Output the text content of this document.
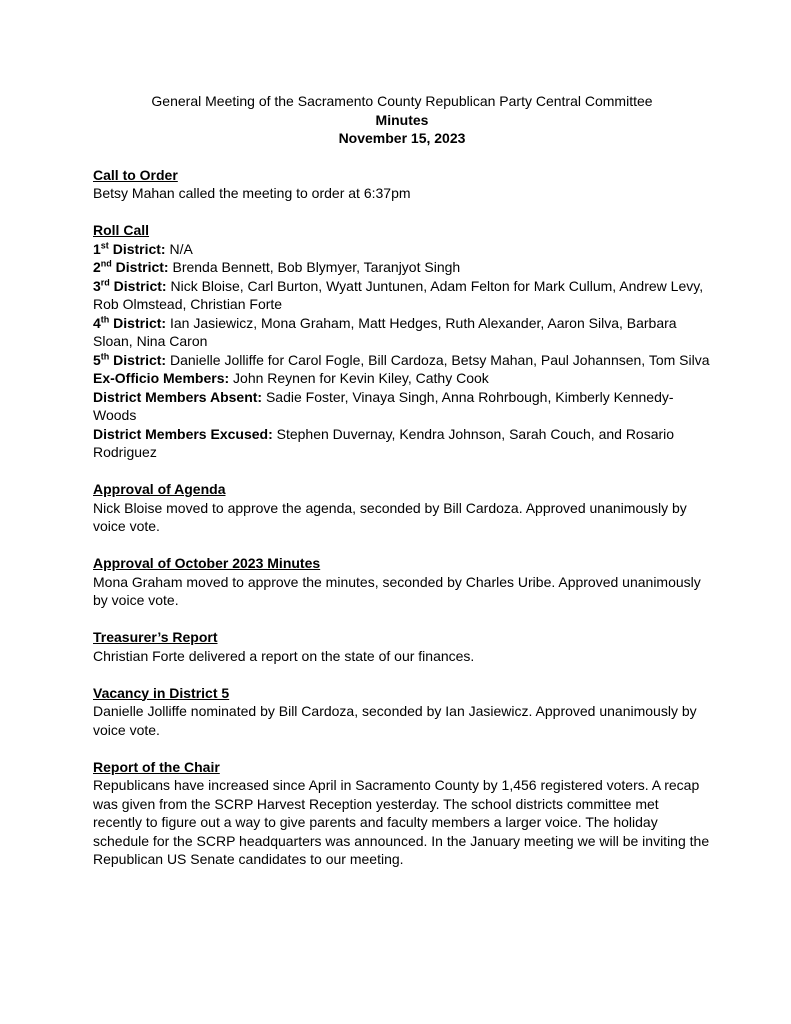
General Meeting of the Sacramento County Republican Party Central Committee
Minutes
November 15, 2023
Call to Order

Betsy Mahan called the meeting to order at 6:37pm

Roll Call

1st District: N/A

2nd District: Brenda Bennett, Bob Blymyer, Taranjyot Singh

3rd District: Nick Bloise, Carl Burton, Wyatt Juntunen, Adam Felton for Mark Cullum, Andrew Levy, Rob Olmstead, Christian Forte

4th District: Ian Jasiewicz, Mona Graham, Matt Hedges, Ruth Alexander, Aaron Silva, Barbara Sloan, Nina Caron

5th District: Danielle Jolliffe for Carol Fogle, Bill Cardoza, Betsy Mahan, Paul Johannsen, Tom Silva

Ex-Officio Members: John Reynen for Kevin Kiley, Cathy Cook

District Members Absent: Sadie Foster, Vinaya Singh, Anna Rohrbough, Kimberly Kennedy-Woods

District Members Excused: Stephen Duvernay, Kendra Johnson, Sarah Couch, and Rosario Rodriguez

Approval of Agenda

Nick Bloise moved to approve the agenda, seconded by Bill Cardoza. Approved unanimously by voice vote.

Approval of October 2023 Minutes

Mona Graham moved to approve the minutes, seconded by Charles Uribe. Approved unanimously by voice vote.

Treasurer’s Report

Christian Forte delivered a report on the state of our finances.

Vacancy in District 5

Danielle Jolliffe nominated by Bill Cardoza, seconded by Ian Jasiewicz. Approved unanimously by voice vote.

Report of the Chair

Republicans have increased since April in Sacramento County by 1,456 registered voters. A recap was given from the SCRP Harvest Reception yesterday. The school districts committee met recently to figure out a way to give parents and faculty members a larger voice. The holiday schedule for the SCRP headquarters was announced. In the January meeting we will be inviting the Republican US Senate candidates to our meeting.
